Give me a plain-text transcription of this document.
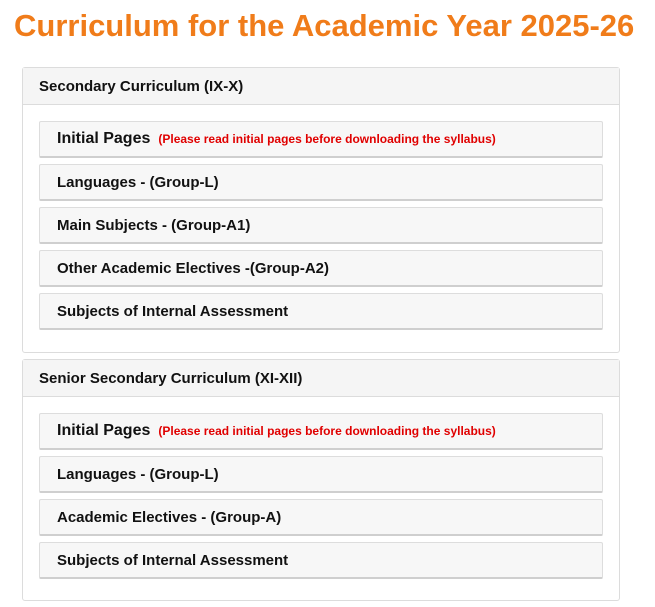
Curriculum for the Academic Year 2025-26
Secondary Curriculum (IX-X)
Initial Pages (Please read initial pages before downloading the syllabus)
Languages - (Group-L)
Main Subjects - (Group-A1)
Other Academic Electives -(Group-A2)
Subjects of Internal Assessment
Senior Secondary Curriculum (XI-XII)
Initial Pages (Please read initial pages before downloading the syllabus)
Languages - (Group-L)
Academic Electives - (Group-A)
Subjects of Internal Assessment
